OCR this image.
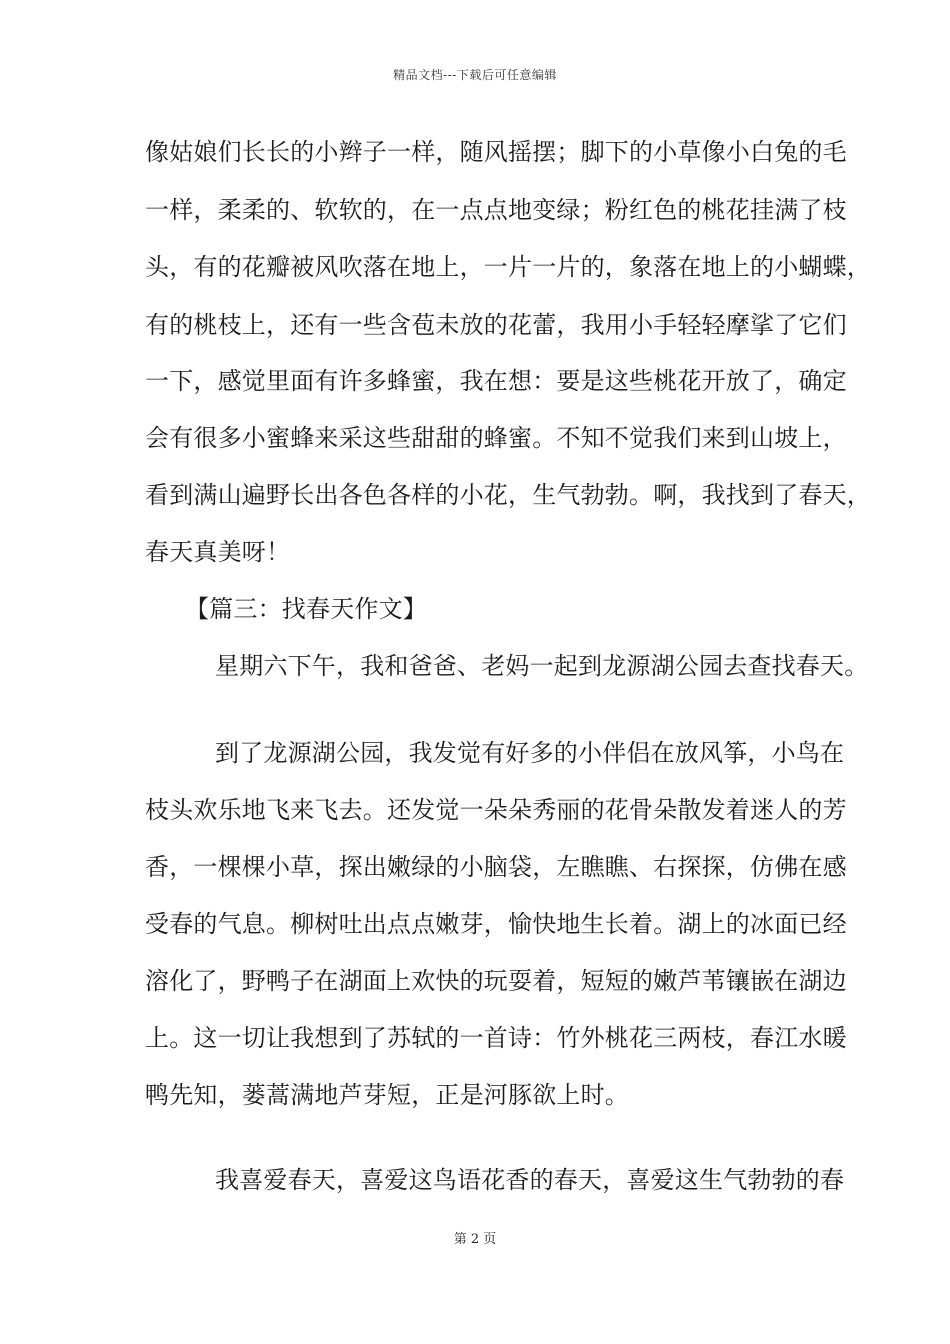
精品文档---下载后可任意编辑
像姑娘们长长的小辫子一样，随风摇摆；脚下的小草像小白兔的毛
一样，柔柔的、软软的，在一点点地变绿；粉红色的桃花挂满了枝
头，有的花瓣被风吹落在地上，一片一片的，象落在地上的小蝴蝶，
有的桃枝上，还有一些含苞未放的花蕾，我用小手轻轻摩挲了它们
一下，感觉里面有许多蜂蜜，我在想：要是这些桃花开放了，确定
会有很多小蜜蜂来采这些甜甜的蜂蜜。不知不觉我们来到山坡上，
看到满山遍野长出各色各样的小花，生气勃勃。啊，我找到了春天，
春天真美呀！
【篇三：找春天作文】
星期六下午，我和爸爸、老妈一起到龙源湖公园去查找春天。
到了龙源湖公园，我发觉有好多的小伴侣在放风筝，小鸟在
枝头欢乐地飞来飞去。还发觉一朵朵秀丽的花骨朵散发着迷人的芳
香，一棵棵小草，探出嫩绿的小脑袋，左瞧瞧、右探探，仿佛在感
受春的气息。柳树吐出点点嫩芽，愉快地生长着。湖上的冰面已经
溶化了，野鸭子在湖面上欢快的玩耍着，短短的嫩芦苇镶嵌在湖边
上。这一切让我想到了苏轼的一首诗：竹外桃花三两枝，春江水暖
鸭先知，蒌蒿满地芦芽短，正是河豚欲上时。
我喜爱春天，喜爱这鸟语花香的春天，喜爱这生气勃勃的春
第 2 页
